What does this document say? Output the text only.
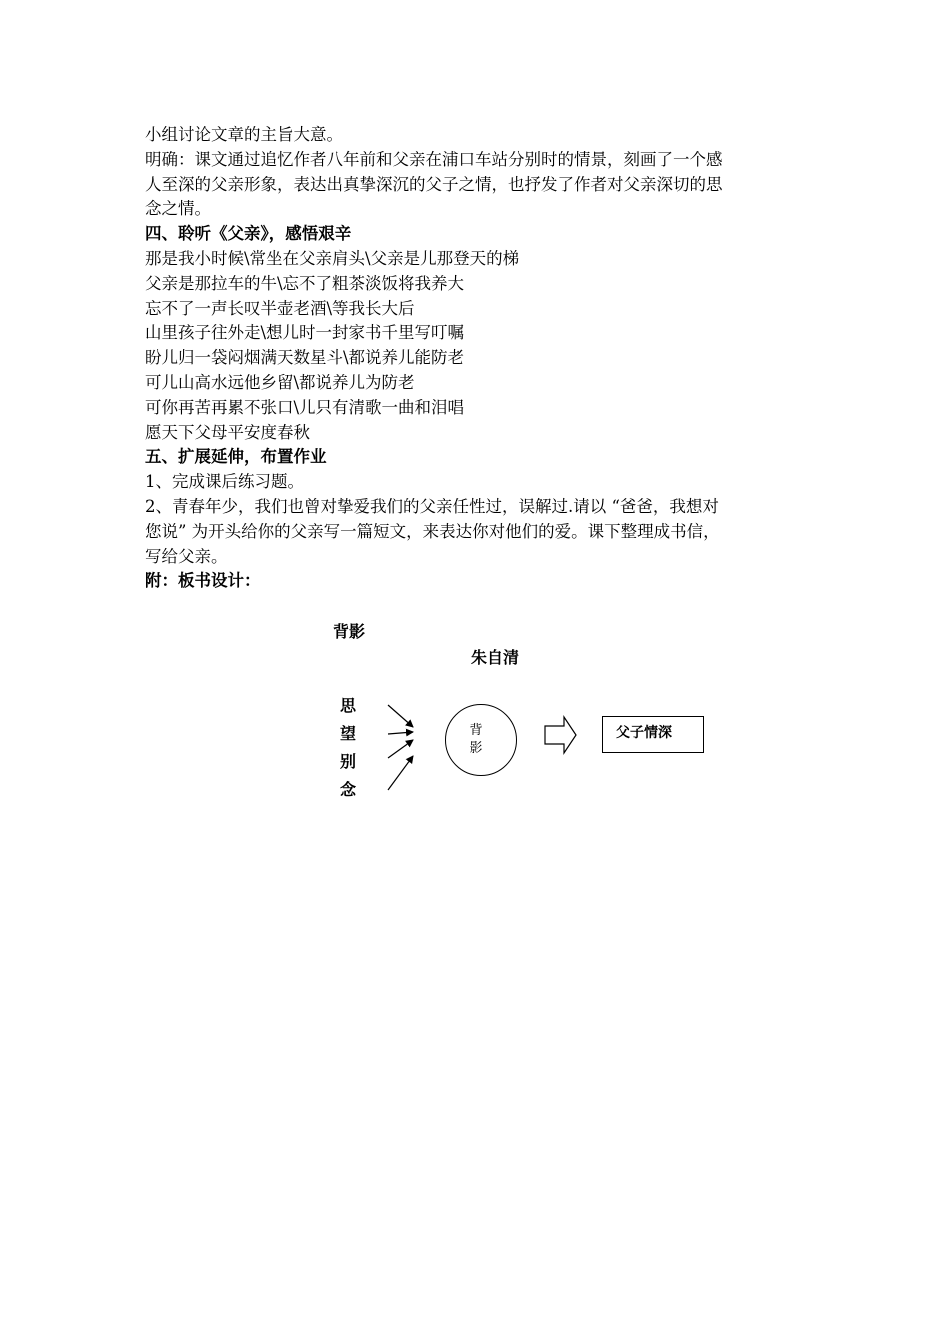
小组讨论文章的主旨大意。

明确：课文通过追忆作者八年前和父亲在浦口车站分别时的情景，刻画了一个感

人至深的父亲形象，表达出真挚深沉的父子之情，也抒发了作者对父亲深切的思

念之情。

四、聆听《父亲》，感悟艰辛

那是我小时候\常坐在父亲肩头\父亲是儿那登天的梯

父亲是那拉车的牛\忘不了粗茶淡饭将我养大

忘不了一声长叹半壶老酒\等我长大后

山里孩子往外走\想儿时一封家书千里写叮嘱

盼儿归一袋闷烟满天数星斗\都说养儿能防老

可儿山高水远他乡留\都说养儿为防老

可你再苦再累不张口\儿只有清歌一曲和泪唱

愿天下父母平安度春秋

五、扩展延伸，布置作业

1、完成课后练习题。

2、青春年少，我们也曾对挚爱我们的父亲任性过，误解过.请以 “爸爸，我想对

您说” 为开头给你的父亲写一篇短文，来表达你对他们的爱。课下整理成书信，

写给父亲。

附：板书设计：

背影
朱自清
思
望
别
念
背
影
父子情深
